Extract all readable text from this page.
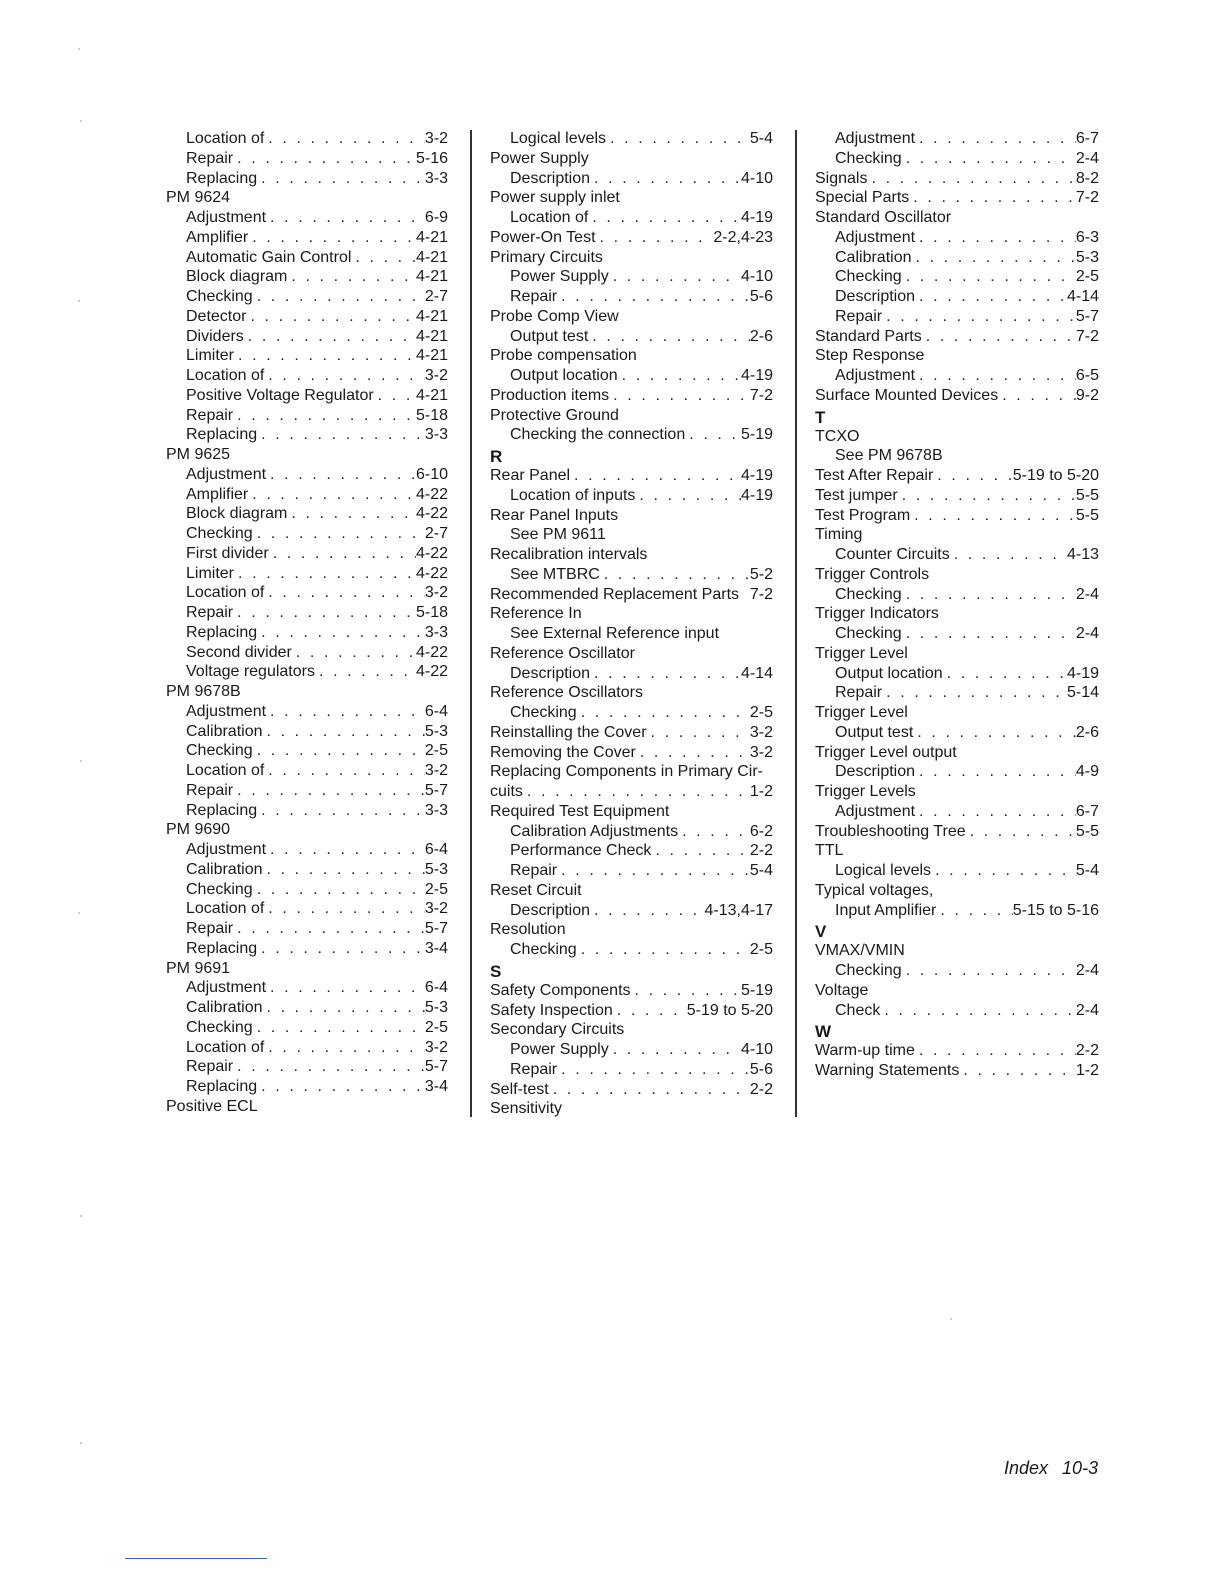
Location of . . .	3-2
Repair . . .	5-16
Replacing . . .	3-3
PM 9624
Adjustment . . .	6-9
Amplifier . . .	4-21
Automatic Gain Control . . .	4-21
Block diagram . . .	4-21
Checking . . .	2-7
Detector . . .	4-21
Dividers . . .	4-21
Limiter . . .	4-21
Location of . . .	3-2
Positive Voltage Regulator . . .	4-21
Repair . . .	5-18
Replacing . . .	3-3
PM 9625
Adjustment . . .	6-10
Amplifier . . .	4-22
Block diagram . . .	4-22
Checking . . .	2-7
First divider . . .	4-22
Limiter . . .	4-22
Location of . . .	3-2
Repair . . .	5-18
Replacing . . .	3-3
Second divider . . .	4-22
Voltage regulators . . .	4-22
PM 9678B
Adjustment . . .	6-4
Calibration . . .	5-3
Checking . . .	2-5
Location of . . .	3-2
Repair . . .	5-7
Replacing . . .	3-3
PM 9690
Adjustment . . .	6-4
Calibration . . .	5-3
Checking . . .	2-5
Location of . . .	3-2
Repair . . .	5-7
Replacing . . .	3-4
PM 9691
Adjustment . . .	6-4
Calibration . . .	5-3
Checking . . .	2-5
Location of . . .	3-2
Repair . . .	5-7
Replacing . . .	3-4
Positive ECL
Logical levels . . .	5-4
Power Supply
Description . . .	4-10
Power supply inlet
Location of . . .	4-19
Power-On Test . . .	2-2,4-23
Primary Circuits
Power Supply . . .	4-10
Repair . . .	5-6
Probe Comp View
Output test . . .	2-6
Probe compensation
Output location . . .	4-19
Production items . . .	7-2
Protective Ground
Checking the connection . . .	5-19
R
Rear Panel . . .	4-19
Location of inputs . . .	4-19
Rear Panel Inputs
See PM 9611
Recalibration intervals
See MTBRC . . .	5-2
Recommended Replacement Parts 7-2
Reference In
See External Reference input
Reference Oscillator
Description . . .	4-14
Reference Oscillators
Checking . . .	2-5
Reinstalling the Cover . . .	3-2
Removing the Cover . . .	3-2
Replacing Components in Primary Cir-
cuits . . .	1-2
Required Test Equipment
Calibration Adjustments . . .	6-2
Performance Check . . .	2-2
Repair . . .	5-4
Reset Circuit
Description . . .	4-13,4-17
Resolution
Checking . . .	2-5
S
Safety Components . . .	5-19
Safety Inspection . . .	5-19 to 5-20
Secondary Circuits
Power Supply . . .	4-10
Repair . . .	5-6
Self-test . . .	2-2
Sensitivity
Adjustment . . .	6-7
Checking . . .	2-4
Signals . . .	8-2
Special Parts . . .	7-2
Standard Oscillator
Adjustment . . .	6-3
Calibration . . .	5-3
Checking . . .	2-5
Description . . .	4-14
Repair . . .	5-7
Standard Parts . . .	7-2
Step Response
Adjustment . . .	6-5
Surface Mounted Devices . . .	9-2
T
TCXO
See PM 9678B
Test After Repair . . .	5-19 to 5-20
Test jumper . . .	5-5
Test Program . . .	5-5
Timing
Counter Circuits . . .	4-13
Trigger Controls
Checking . . .	2-4
Trigger Indicators
Checking . . .	2-4
Trigger Level
Output location . . .	4-19
Repair . . .	5-14
Trigger Level
Output test . . .	2-6
Trigger Level output
Description . . .	4-9
Trigger Levels
Adjustment . . .	6-7
Troubleshooting Tree . . .	5-5
TTL
Logical levels . . .	5-4
Typical voltages,
Input Amplifier . . .	5-15 to 5-16
V
VMAX/VMIN
Checking . . .	2-4
Voltage
Check . . .	2-4
W
Warm-up time . . .	2-2
Warning Statements . . .	1-2
Index 10-3
